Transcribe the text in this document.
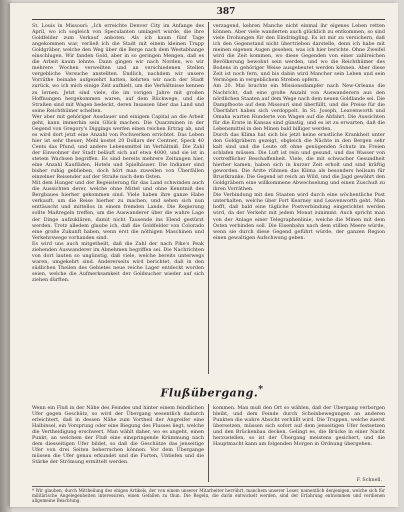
387

St. Louis in Missouri: „Ich erreichte Denver City im Anfange des April, wo ich sogleich von Speculanten umlagert wurde, die ihre Goldfelder zum Verkauf anboten. Als ich kaum fünf Tage angekommen war, verließ ich die Stadt mit einem kleinen Trupp Goldgräber, welche den Weg über die Berge nach dem Westabhange einschlugen. Wir fanden Gold, aber in so geringen Mengen, daß es die Arbeit kaum lohnte. Dann gingen wir nach Norden, wo wir mehrere Wochen verweilten und an verschiedenen Stellen vergebliche Versuche anstellten. Endlich, nachdem wir unsere Vorräthe beinahe aufgezehrt hatten, kehrten wir nach der Stadt zurück, wo ich mich einige Zeit aufhielt, um die Verhältnisse kennen zu lernen. Jetzt sind viele, die im vorigen Jahre mit großen Hoffnungen hergekommen waren, auf dem Rückwege, und die Straßen sind mit Wagen bedeckt, deren Insassen über das Land und seine Reichthümer schelten.

Wer aber mit gehöriger Ausdauer und einigem Capital an die Arbeit geht, kann immerhin sein Glück machen. Die Quarzminen in der Gegend von Gregory's Diggings werfen einen reichen Ertrag ab, und es wird dort jetzt eine Anzahl von Pochwerken errichtet. Das Leben hier ist sehr theuer; Mehl kostet 20 Dollars der Centner, Speck 40 Cents das Pfund, und andere Lebensmittel im Verhältniß. Die Zahl der Einwohner der Stadt beläuft sich auf etwa 4000, und sie ist in stetem Wachsen begriffen. Es sind bereits mehrere Zeitungen hier, eine Anzahl Kaufläden, Hotels und Spielhäuser. Die Indianer sind bisher ruhig geblieben, doch hört man zuweilen von Überfällen einzelner Reisender auf der Straße nach dem Osten.

Mit dem Hunger und der Begeisterung für das Land schwinden auch die Aussichten derer, welche ohne Mittel und ohne Kenntniß des Bergbaues hierher gekommen sind. Viele haben ihre ganze Habe verkauft, um die Reise hierher zu machen, und sehen sich nun enttäuscht und mittellos in einem fremden Lande. Die Regierung sollte Maßregeln treffen, um die Auswanderer über die wahre Lage der Dinge aufzuklären, damit nicht Tausende ins Elend gestürzt werden. Trotz alledem glaube ich, daß die Goldfelder von Colorado eine große Zukunft haben, wenn erst die nöthigen Maschinen und Verkehrswege vorhanden sind.

Es wird uns auch mitgetheilt, daß die Zahl der nach Pike's Peak ziehenden Auswanderer im Abnehmen begriffen sei. Die Nachrichten von dort lauten so ungünstig, daß viele, welche bereits unterwegs waren, umgekehrt sind. Andererseits wird berichtet, daß in den südlichen Theilen des Gebietes neue reiche Lager entdeckt worden seien, welche die Aufmerksamkeit der Goldsucher wieder auf sich ziehen dürften.

verzagend, kehren Manche nicht einmal ihr eigenes Leben retten können. Aber viele wanderten auch glücklich zu entkommen, so sind viele Drohungen für den Eindringling. Es ist mir zu versichern, daß ich den Gegenstand nicht übertrieben darstelle, denn ich habe mit meinen eigenen Augen gesehen, was ich hier berichte. Ohne Zweifel wird die Zeit kommen, wo diese Gegenden von einer zahlreichen Bevölkerung bewohnt sein werden, und wo die Reichthümer des Bodens in gehöriger Weise ausgebeutet werden können. Aber diese Zeit ist noch fern, und bis dahin wird Mancher sein Leben und sein Vermögen in vergeblichem Streben opfern.

Am 20. Mai brachte ein Missionsdampfer nach New-Orleans die Nachricht, daß eine große Anzahl von Auswanderern aus den nördlichen Staaten auf dem Wege nach dem neuen Goldlande sei. Die Dampfboote auf dem Missouri sind überfüllt, und die Preise für die Überfahrt haben sich verdoppelt. In St. Joseph, Leavenworth und Omaha warten Hunderte von Wagen auf die Abfahrt. Die Aussichten für die Ernte in Kansas sind günstig, und es ist zu erwarten, daß die Lebensmittel in den Minen bald billiger werden.

Durch das Klima hat sich bis jetzt keine ernstliche Krankheit unter den Goldgräbern gezeigt, obgleich die Nächte in den Bergen sehr kalt sind und die Leute oft ohne genügenden Schutz im Freien schlafen müssen. Die Luft ist rein und gesund, und das Wasser von vortrefflicher Beschaffenheit. Viele, die mit schwacher Gesundheit hierher kamen, haben sich in kurzer Zeit erholt und sind kräftig geworden. Die Ärzte rühmen das Klima als besonders heilsam für Brustkranke. Die Gegend ist reich an Wild, und die Jagd gewährt den Goldgräbern eine willkommene Abwechselung und einen Zuschuß zu ihren Vorräthen.

Die Verbindung mit den Staaten wird durch eine wöchentliche Post unterhalten, welche über Fort Kearney und Leavenworth geht. Man hofft, daß bald eine tägliche Postverbindung eingerichtet werden wird, da der Verkehr mit jedem Monat zunimmt. Auch spricht man von der Anlage einer Telegraphenlinie, welche die Minen mit dem Osten verbinden soll. Die Eisenbahn nach dem stillen Meere würde, wenn sie durch diese Gegend geführt würde, der ganzen Region einen gewaltigen Aufschwung geben.

Flußübergang.*

Wenn ein Fluß in der Nähe des Feindes und hinter einem feindlichen Ufer gegen Geschütz, so wird der Übergang wesentlich dadurch erleichtert, daß in dessen Nähe zum Vortheil der Angreifer eine Halbinsel, ein Vorsprung oder eine Biegung des Flusses liegt, welche die Vertheidigung erschwert. Man wählt daher, wo es angeht, einen Punkt, an welchem der Fluß eine einspringende Krümmung nach dem diesseitigen Ufer bildet, so daß die Geschütze das jenseitige Ufer von drei Seiten beherrschen können. Vor dem Übergange müssen die Ufer genau erkundet und die Furten, Untiefen und die Stärke der Strömung ermittelt werden.

kommen. Man muß den Ort so wählen, daß der Übergang verborgen bleibt, und dem Feinde durch Scheinbewegungen an anderen Punkten die wahre Absicht verhüllt wird. Die Truppen, welche zuerst übersetzen, müssen sich sofort auf dem jenseitigen Ufer festsetzen und den Brückenbau decken. Gelingt es, die Brücke in einer Nacht herzustellen, so ist der Übergang meistens gesichert, und die Hauptmacht kann am folgenden Morgen in Ordnung übergehen.

F. Schnell.
* Wir glauben, durch Mittheilung des obigen Artikels, der von einem unserer Mitarbeiter herrührt, manchem unserer Leser, namentlich denjenigen, welche sich für militärische Angelegenheiten interessiren, einen Gefallen zu thun. Die Regeln, die darin entwickelt werden, sind der Erfahrung entnommen und verdienen allgemeine Beachtung.
